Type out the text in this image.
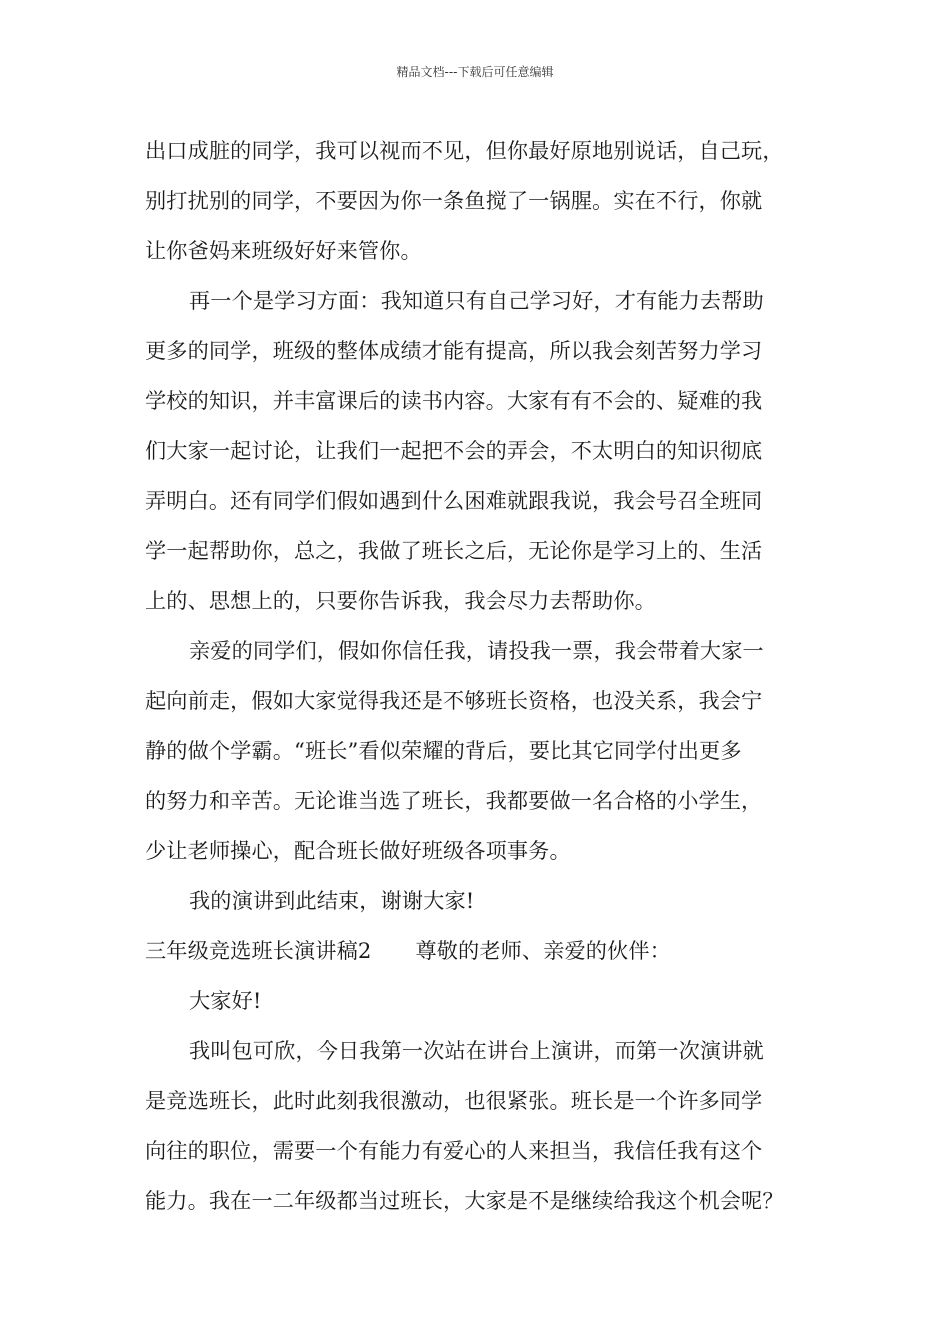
精品文档---下载后可任意编辑
出口成脏的同学，我可以视而不见，但你最好原地别说话，自己玩，
别打扰别的同学，不要因为你一条鱼搅了一锅腥。实在不行，你就
让你爸妈来班级好好来管你。
再一个是学习方面：我知道只有自己学习好，才有能力去帮助
更多的同学，班级的整体成绩才能有提高，所以我会刻苦努力学习
学校的知识，并丰富课后的读书内容。大家有有不会的、疑难的我
们大家一起讨论，让我们一起把不会的弄会，不太明白的知识彻底
弄明白。还有同学们假如遇到什么困难就跟我说，我会号召全班同
学一起帮助你，总之，我做了班长之后，无论你是学习上的、生活
上的、思想上的，只要你告诉我，我会尽力去帮助你。
亲爱的同学们，假如你信任我，请投我一票，我会带着大家一
起向前走，假如大家觉得我还是不够班长资格，也没关系，我会宁
静的做个学霸。“班长”看似荣耀的背后，要比其它同学付出更多
的努力和辛苦。无论谁当选了班长，我都要做一名合格的小学生，
少让老师操心，配合班长做好班级各项事务。
我的演讲到此结束，谢谢大家!
三年级竞选班长演讲稿2 尊敬的老师、亲爱的伙伴：
大家好!
我叫包可欣，今日我第一次站在讲台上演讲，而第一次演讲就
是竞选班长，此时此刻我很激动，也很紧张。班长是一个许多同学
向往的职位，需要一个有能力有爱心的人来担当，我信任我有这个
能力。我在一二年级都当过班长，大家是不是继续给我这个机会呢？
